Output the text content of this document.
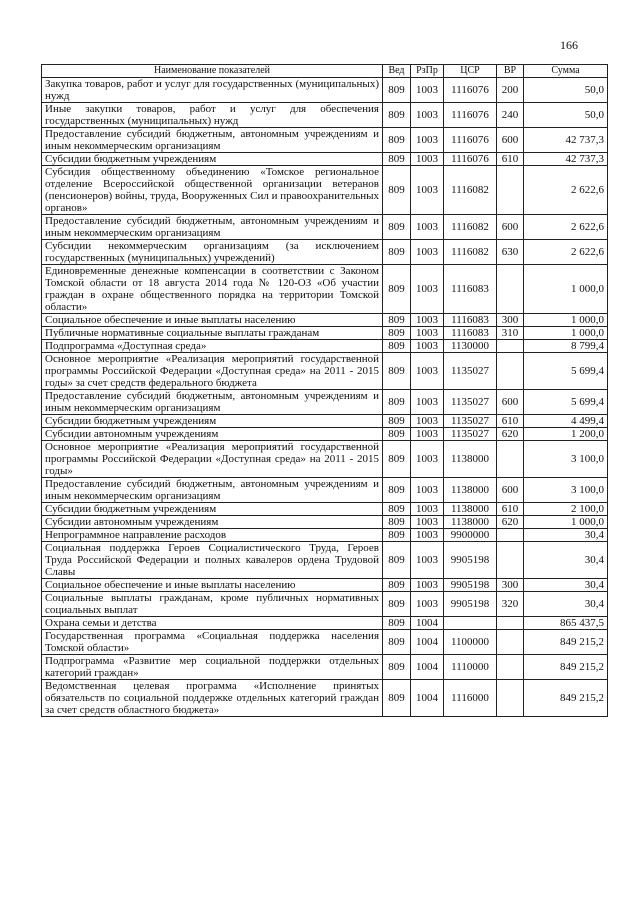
166
Наименование показателей	Вед	РзПр	ЦСР	ВР	Сумма
Закупка товаров, работ и услуг для государственных (муниципальных) нужд	809	1003	1116076	200	50,0
Иные закупки товаров, работ и услуг для обеспечения государственных (муниципальных) нужд	809	1003	1116076	240	50,0
Предоставление субсидий бюджетным, автономным учреждениям и иным некоммерческим организациям	809	1003	1116076	600	42 737,3
Субсидии бюджетным учреждениям	809	1003	1116076	610	42 737,3
Субсидия общественному объединению «Томское региональное отделение Всероссийской общественной организации ветеранов (пенсионеров) войны, труда, Вооруженных Сил и правоохранительных органов»	809	1003	1116082		2 622,6
Предоставление субсидий бюджетным, автономным учреждениям и иным некоммерческим организациям	809	1003	1116082	600	2 622,6
Субсидии некоммерческим организациям (за исключением государственных (муниципальных) учреждений)	809	1003	1116082	630	2 622,6
Единовременные денежные компенсации в соответствии с Законом Томской области от 18 августа 2014 года № 120-ОЗ «Об участии граждан в охране общественного порядка на территории Томской области»	809	1003	1116083		1 000,0
Социальное обеспечение и иные выплаты населению	809	1003	1116083	300	1 000,0
Публичные нормативные социальные выплаты гражданам	809	1003	1116083	310	1 000,0
Подпрограмма «Доступная среда»	809	1003	1130000		8 799,4
Основное мероприятие «Реализация мероприятий государственной программы Российской Федерации «Доступная среда» на 2011 - 2015 годы» за счет средств федерального бюджета	809	1003	1135027		5 699,4
Предоставление субсидий бюджетным, автономным учреждениям и иным некоммерческим организациям	809	1003	1135027	600	5 699,4
Субсидии бюджетным учреждениям	809	1003	1135027	610	4 499,4
Субсидии автономным учреждениям	809	1003	1135027	620	1 200,0
Основное мероприятие «Реализация мероприятий государственной программы Российской Федерации «Доступная среда» на 2011 - 2015 годы»	809	1003	1138000		3 100,0
Предоставление субсидий бюджетным, автономным учреждениям и иным некоммерческим организациям	809	1003	1138000	600	3 100,0
Субсидии бюджетным учреждениям	809	1003	1138000	610	2 100,0
Субсидии автономным учреждениям	809	1003	1138000	620	1 000,0
Непрограммное направление расходов	809	1003	9900000		30,4
Социальная поддержка Героев Социалистического Труда, Героев Труда Российской Федерации и полных кавалеров ордена Трудовой Славы	809	1003	9905198		30,4
Социальное обеспечение и иные выплаты населению	809	1003	9905198	300	30,4
Социальные выплаты гражданам, кроме публичных нормативных социальных выплат	809	1003	9905198	320	30,4
Охрана семьи и детства	809	1004			865 437,5
Государственная программа «Социальная поддержка населения Томской области»	809	1004	1100000		849 215,2
Подпрограмма «Развитие мер социальной поддержки отдельных категорий граждан»	809	1004	1110000		849 215,2
Ведомственная целевая программа «Исполнение принятых обязательств по социальной поддержке отдельных категорий граждан за счет средств областного бюджета»	809	1004	1116000		849 215,2
